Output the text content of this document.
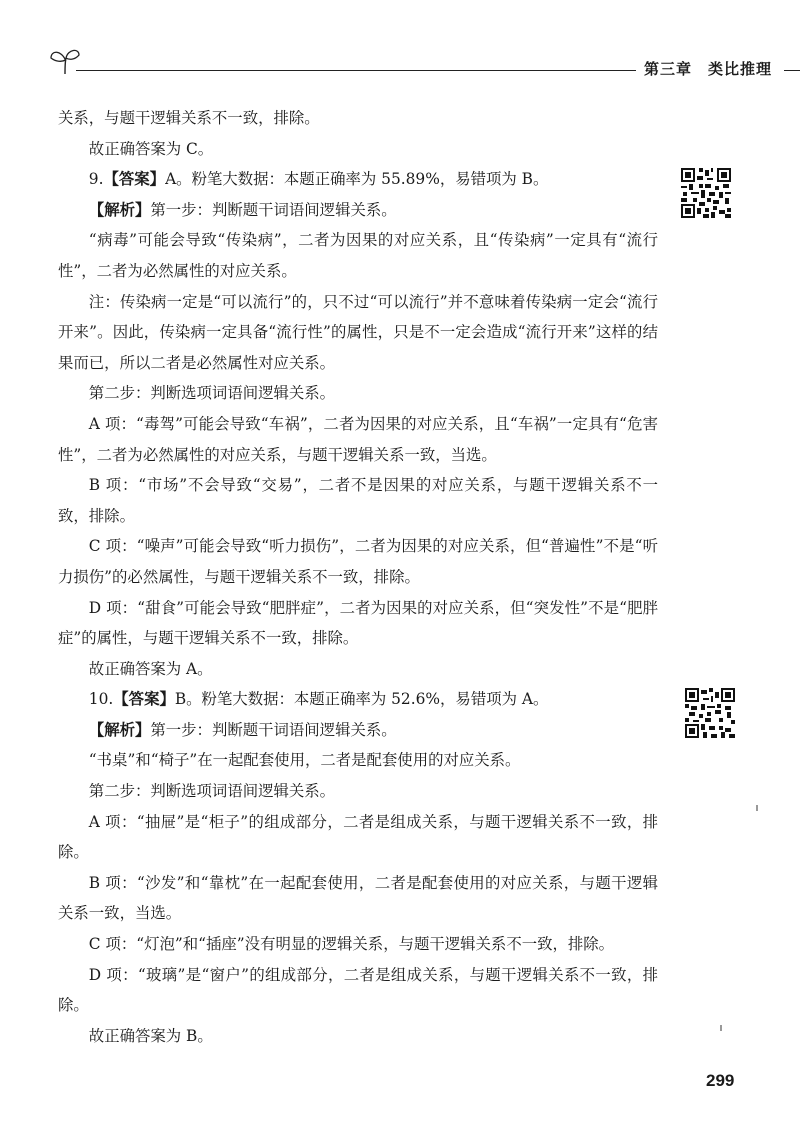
第三章 类比推理

关系，与题干逻辑关系不一致，排除。

故正确答案为 C。

9.【答案】A。粉笔大数据：本题正确率为 55.89%，易错项为 B。

【解析】第一步：判断题干词语间逻辑关系。

“病毒”可能会导致“传染病”，二者为因果的对应关系，且“传染病”一定具有“流行性”，二者为必然属性的对应关系。

注：传染病一定是“可以流行”的，只不过“可以流行”并不意味着传染病一定会“流行开来”。因此，传染病一定具备“流行性”的属性，只是不一定会造成“流行开来”这样的结果而已，所以二者是必然属性对应关系。

第二步：判断选项词语间逻辑关系。

A 项：“毒驾”可能会导致“车祸”，二者为因果的对应关系，且“车祸”一定具有“危害性”，二者为必然属性的对应关系，与题干逻辑关系一致，当选。

B 项：“市场”不会导致“交易”，二者不是因果的对应关系，与题干逻辑关系不一致，排除。

C 项：“噪声”可能会导致“听力损伤”，二者为因果的对应关系，但“普遍性”不是“听力损伤”的必然属性，与题干逻辑关系不一致，排除。

D 项：“甜食”可能会导致“肥胖症”，二者为因果的对应关系，但“突发性”不是“肥胖症”的属性，与题干逻辑关系不一致，排除。

故正确答案为 A。

10.【答案】B。粉笔大数据：本题正确率为 52.6%，易错项为 A。

【解析】第一步：判断题干词语间逻辑关系。

“书桌”和“椅子”在一起配套使用，二者是配套使用的对应关系。

第二步：判断选项词语间逻辑关系。

A 项：“抽屉”是“柜子”的组成部分，二者是组成关系，与题干逻辑关系不一致，排除。

B 项：“沙发”和“靠枕”在一起配套使用，二者是配套使用的对应关系，与题干逻辑关系一致，当选。

C 项：“灯泡”和“插座”没有明显的逻辑关系，与题干逻辑关系不一致，排除。

D 项：“玻璃”是“窗户”的组成部分，二者是组成关系，与题干逻辑关系不一致，排除。

故正确答案为 B。

299
